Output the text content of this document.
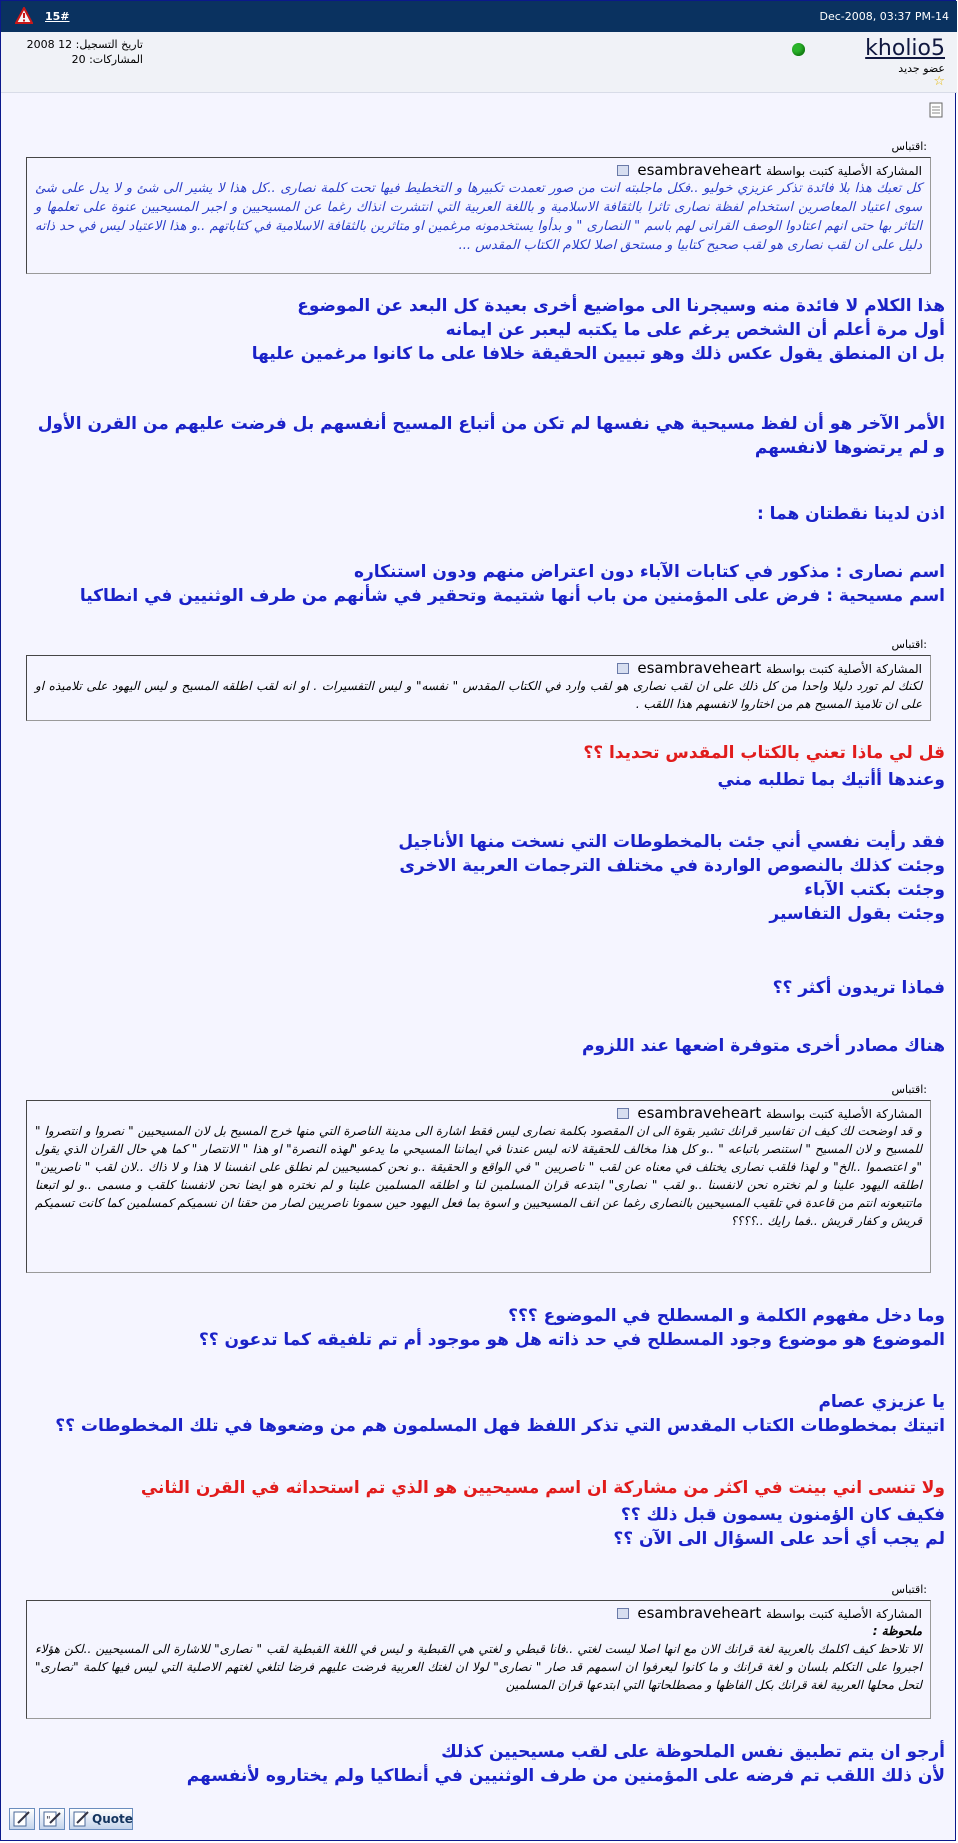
15#	Dec-2008, 03:37 PM-14
kholio5
عضو جديد
☆
تاريخ التسجيل: 12 2008
المشاركات: 20
اقتباس:
المشاركة الأصلية كتبت بواسطة esambraveheart
كل تعبك هذا بلا فائدة تذكر عزيزي خوليو ..فكل ماجلبته انت من صور تعمدت تكبيرها و التخطيط فيها تحت كلمة نصارى ..كل هذا لا يشير الى شئ و لا يدل على شئ سوى اعتياد المعاصرين استخدام لفظة نصارى تاثرا بالثقافة الاسلامية و باللغة العربية التي انتشرت انذاك رغما عن المسيحيين و اجبر المسيحيين عنوة على تعلمها و التاثر بها حتى انهم اعتادوا الوصف القرانى لهم باسم " النصارى " و بدأوا يستخدمونه مرغمين او متاثرين بالثقافة الاسلامية في كتاباتهم ..و هذا الاعتياد ليس في حد ذاته دليل على ان لقب نصارى هو لقب صحيح كتابيا و مستحق اصلا لكلام الكتاب المقدس ...
هذا الكلام لا فائدة منه وسيجرنا الى مواضيع أخرى بعيدة كل البعد عن الموضوع
أول مرة أعلم أن الشخص يرغم على ما يكتبه ليعبر عن ايمانه
بل ان المنطق يقول عكس ذلك وهو تبيين الحقيقة خلافا على ما كانوا مرغمين عليها
الأمر الآخر هو أن لفظ مسيحية هي نفسها لم تكن من أتباع المسيح أنفسهم بل فرضت عليهم من القرن الأول و لم يرتضوها لانفسهم
اذن لدينا نقطتان هما :
اسم نصارى : مذكور في كتابات الآباء دون اعتراض منهم ودون استنكاره
اسم مسيحية : فرض على المؤمنين من باب أنها شتيمة وتحقير في شأنهم من طرف الوثنيين في انطاكيا
اقتباس:
المشاركة الأصلية كتبت بواسطة esambraveheart
لكنك لم تورد دليلا واحدا من كل ذلك على ان لقب نصارى هو لقب وارد في الكتاب المقدس " نفسه" و ليس التفسيرات . او انه لقب اطلقه المسيح و ليس اليهود على تلاميذه او على ان تلاميذ المسيح هم من اختاروا لانفسهم هذا اللقب .
قل لي ماذا تعني بالكتاب المقدس تحديدا ؟؟
وعندها أأتيك بما تطلبه مني
فقد رأيت نفسي أني جئت بالمخطوطات التي نسخت منها الأناجيل
وجئت كذلك بالنصوص الواردة في مختلف الترجمات العربية الاخرى
وجئت بكتب الآباء
وجئت بقول التفاسير
فماذا تريدون أكثر ؟؟
هناك مصادر أخرى متوفرة اضعها عند اللزوم
اقتباس:
المشاركة الأصلية كتبت بواسطة esambraveheart
و قد اوضحت لك كيف ان تفاسير قرانك تشير بقوة الى ان المقصود بكلمة نصارى ليس فقط اشارة الى مدينة الناصرة التي منها خرج المسيح بل لان المسيحيين " نصروا و انتصروا " للمسيح و لان المسيح " استنصر باتباعه " ..و كل هذا مخالف للحقيقة لانه ليس عندنا في ايماننا المسيحي ما يدعو "لهذه النصرة" او هذا " الانتصار " كما هي حال القران الذي يقول "و اعتصموا ..الخ" و لهذا فلقب نصارى يختلف في معناه عن لقب " ناصريين " في الواقع و الحقيقة ..و نحن كمسيحيين لم نطلق على انفسنا لا هذا و لا ذاك ..لان لقب " ناصريين" اطلقه اليهود علينا و لم نختره نحن لانفسنا ..و لقب " نصارى" ابتدعه قران المسلمين لنا و اطلقه المسلمين علينا و لم نختره هو ايضا نحن لانفسنا كلقب و مسمى ..و لو اتبعنا ماتتبعونه انتم من قاعدة في تلقيب المسيحيين بالنصارى رغما عن انف المسيحيين و اسوة بما فعل اليهود حين سمونا ناصريين لصار من حقنا ان نسميكم كمسلمين كما كانت تسميكم قريش و كفار قريش ..فما رايك ..؟؟؟؟
وما دخل مفهوم الكلمة و المسطلح في الموضوع ؟؟؟
الموضوع هو موضوع وجود المسطلح في حد ذاته هل هو موجود أم تم تلفيقه كما تدعون ؟؟
يا عزيزي عصام
اتيتك بمخطوطات الكتاب المقدس التي تذكر اللفظ فهل المسلمون هم من وضعوها في تلك المخطوطات ؟؟
ولا تنسى اني بينت في اكثر من مشاركة ان اسم مسيحيين هو الذي تم استحداثه في القرن الثاني
فكيف كان الؤمنون يسمون قبل ذلك ؟؟
لم يجب أي أحد على السؤال الى الآن ؟؟
اقتباس:
المشاركة الأصلية كتبت بواسطة esambraveheart
ملحوظة :
الا تلاحظ كيف اكلمك بالعربية لغة قرانك الان مع انها اصلا ليست لغتي ..فانا قبطي و لغتي هي القبطية و ليس في اللغة القبطية لقب " نصارى" للاشارة الى المسيحيين ..لكن هؤلاء اجبروا على التكلم بلسان و لغة قرانك و ما كانوا ليعرفوا ان اسمهم قد صار " نصارى" لولا ان لغتك العربية فرضت عليهم فرضا لتلغي لغتهم الاصلية التي ليس فيها كلمة "نصارى" لتحل محلها العربية لغة قرانك بكل الفاظها و مصطلحاتها التي ابتدعها قران المسلمين
أرجو ان يتم تطبيق نفس الملحوظة على لقب مسيحيين كذلك
لأن ذلك اللقب تم فرضه على المؤمنين من طرف الوثنيين في أنطاكيا ولم يختاروه لأنفسهم
"	Quote
